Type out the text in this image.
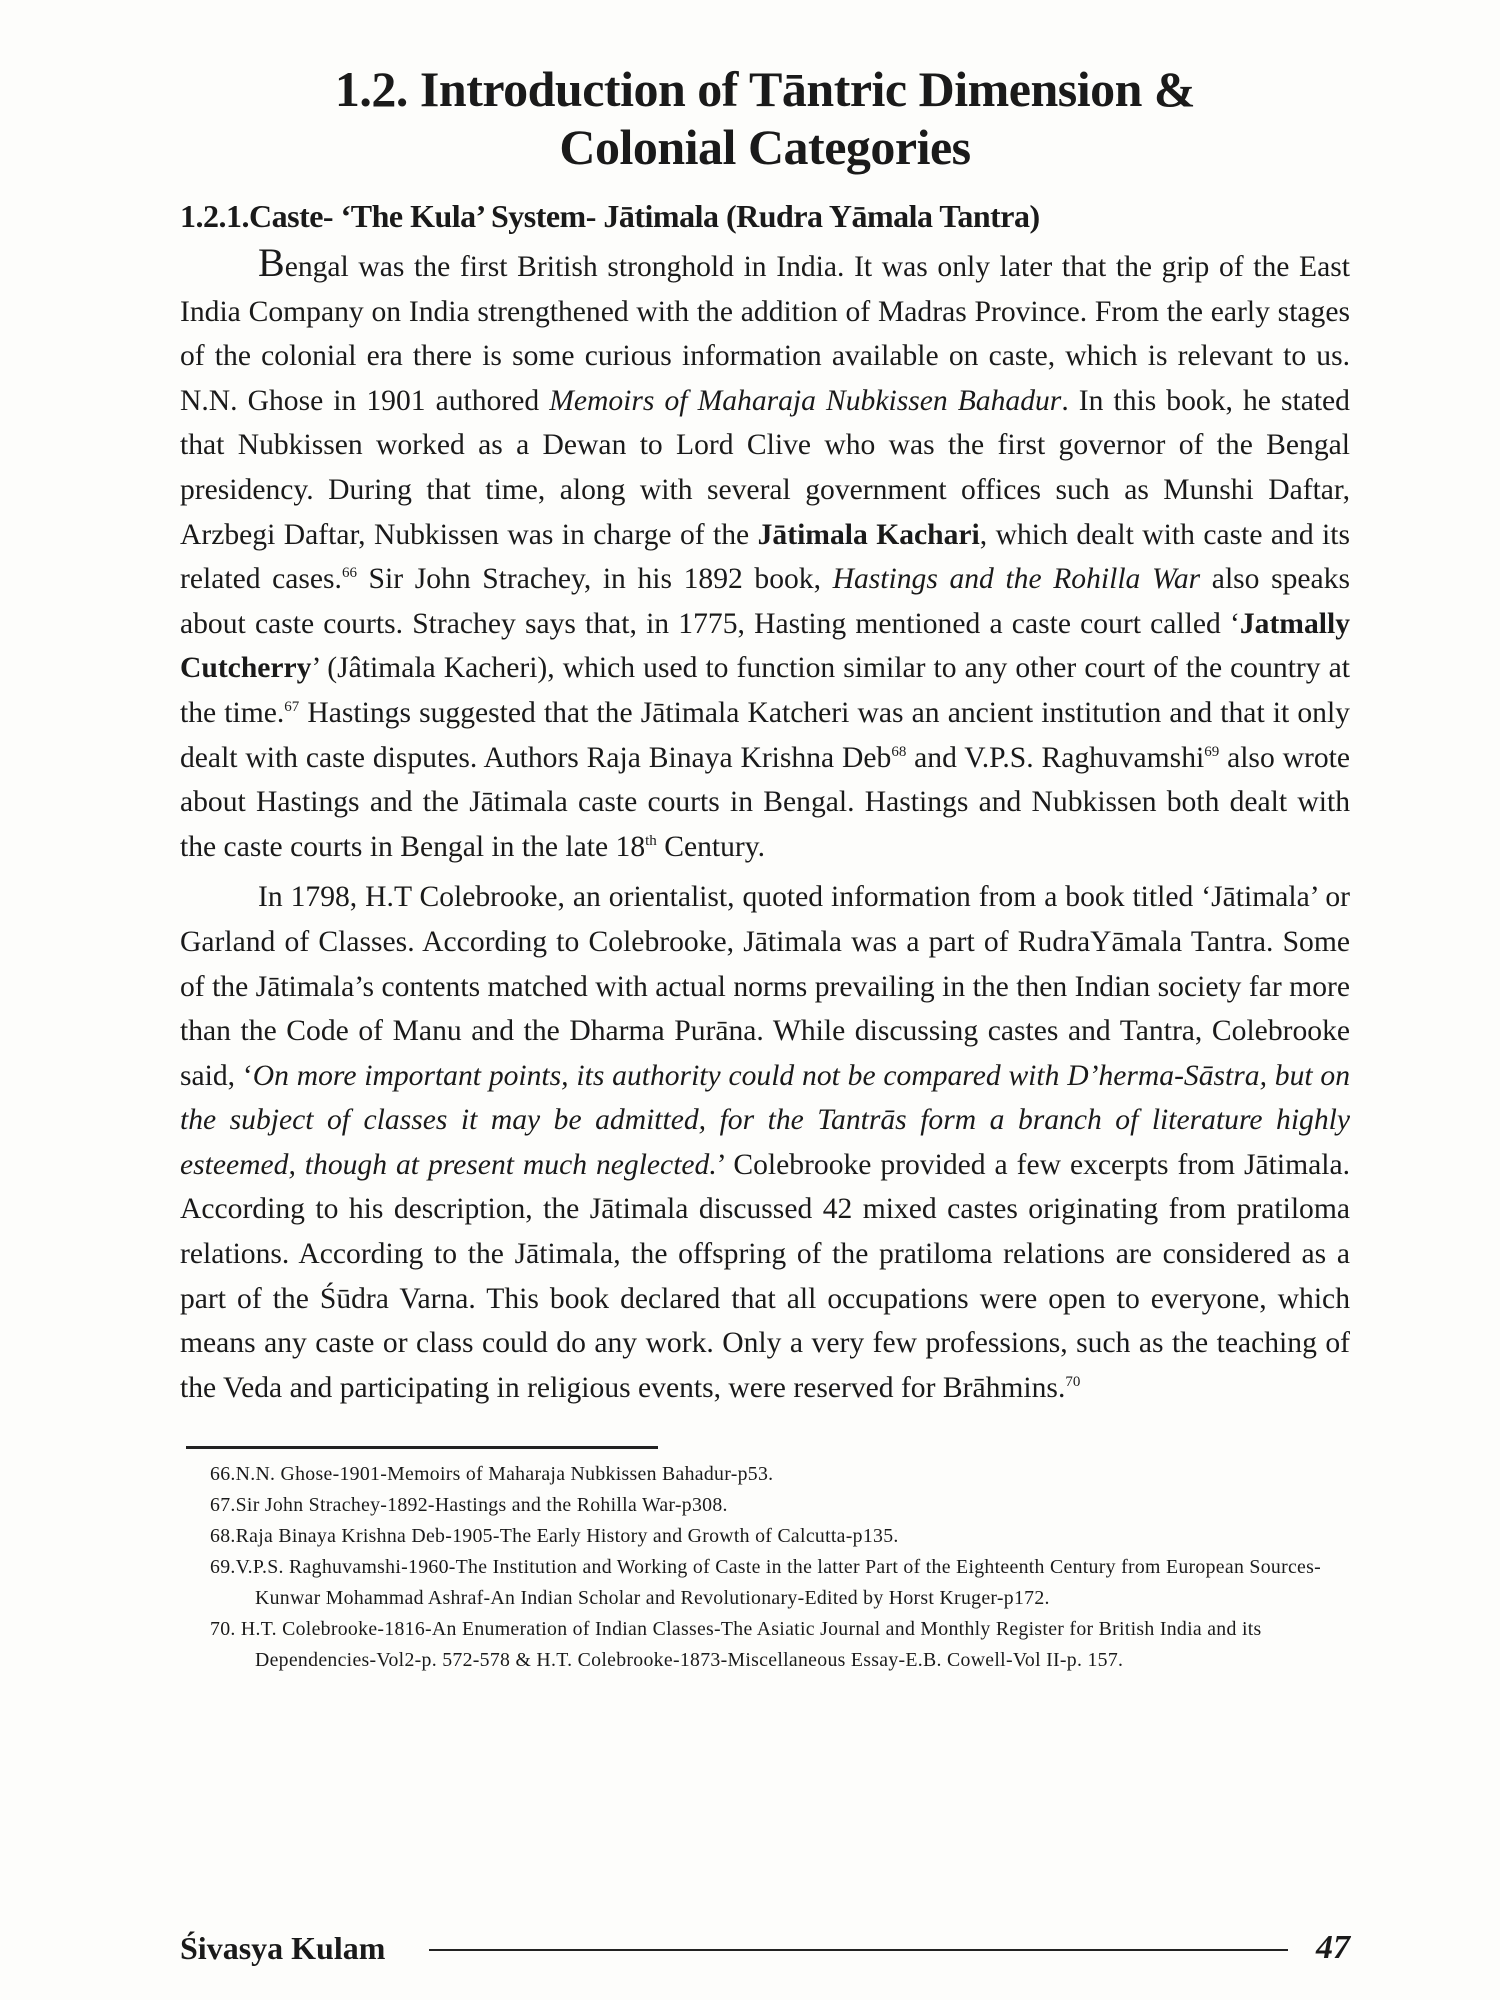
1.2. Introduction of Tāntric Dimension &
Colonial Categories
1.2.1.Caste- ‘The Kula’ System- Jātimala (Rudra Yāmala Tantra)

Bengal was the first British stronghold in India. It was only later that the grip of the East India Company on India strengthened with the addition of Madras Province. From the early stages of the colonial era there is some curious information available on caste, which is relevant to us. N.N. Ghose in 1901 authored Memoirs of Maharaja Nubkissen Bahadur. In this book, he stated that Nubkissen worked as a Dewan to Lord Clive who was the first governor of the Bengal presidency. During that time, along with several government offices such as Munshi Daftar, Arzbegi Daftar, Nubkissen was in charge of the Jātimala Kachari, which dealt with caste and its related cases.$^{66}$ Sir John Strachey, in his 1892 book, Hastings and the Rohilla War also speaks about caste courts. Strachey says that, in 1775, Hasting mentioned a caste court called ‘Jatmally Cutcherry’ (Jâtimala Kacheri), which used to function similar to any other court of the country at the time.$^{67}$ Hastings suggested that the Jātimala Katcheri was an ancient institution and that it only dealt with caste disputes. Authors Raja Binaya Krishna Deb$^{68}$ and V.P.S. Raghuvamshi$^{69}$ also wrote about Hastings and the Jātimala caste courts in Bengal. Hastings and Nubkissen both dealt with the caste courts in Bengal in the late 18th Century.

In 1798, H.T Colebrooke, an orientalist, quoted information from a book titled ‘Jātimala’ or Garland of Classes. According to Colebrooke, Jātimala was a part of RudraYāmala Tantra. Some of the Jātimala’s contents matched with actual norms prevailing in the then Indian society far more than the Code of Manu and the Dharma Purāna. While discussing castes and Tantra, Colebrooke said, ‘On more important points, its authority could not be compared with D’herma-Sāstra, but on the subject of classes it may be admitted, for the Tantrās form a branch of literature highly esteemed, though at present much neglected.’ Colebrooke provided a few excerpts from Jātimala. According to his description, the Jātimala discussed 42 mixed castes originating from pratiloma relations. According to the Jātimala, the offspring of the pratiloma relations are considered as a part of the Śūdra Varna. This book declared that all occupations were open to everyone, which means any caste or class could do any work. Only a very few professions, such as the teaching of the Veda and participating in religious events, were reserved for Brāhmins.$^{70}$

66.N.N. Ghose-1901-Memoirs of Maharaja Nubkissen Bahadur-p53.

67.Sir John Strachey-1892-Hastings and the Rohilla War-p308.

68.Raja Binaya Krishna Deb-1905-The Early History and Growth of Calcutta-p135.

69.V.P.S. Raghuvamshi-1960-The Institution and Working of Caste in the latter Part of the Eighteenth Century from European Sources-Kunwar Mohammad Ashraf-An Indian Scholar and Revolutionary-Edited by Horst Kruger-p172.

70. H.T. Colebrooke-1816-An Enumeration of Indian Classes-The Asiatic Journal and Monthly Register for British India and its Dependencies-Vol2-p. 572-578 & H.T. Colebrooke-1873-Miscellaneous Essay-E.B. Cowell-Vol II-p. 157.

Śivasya Kulam	47
